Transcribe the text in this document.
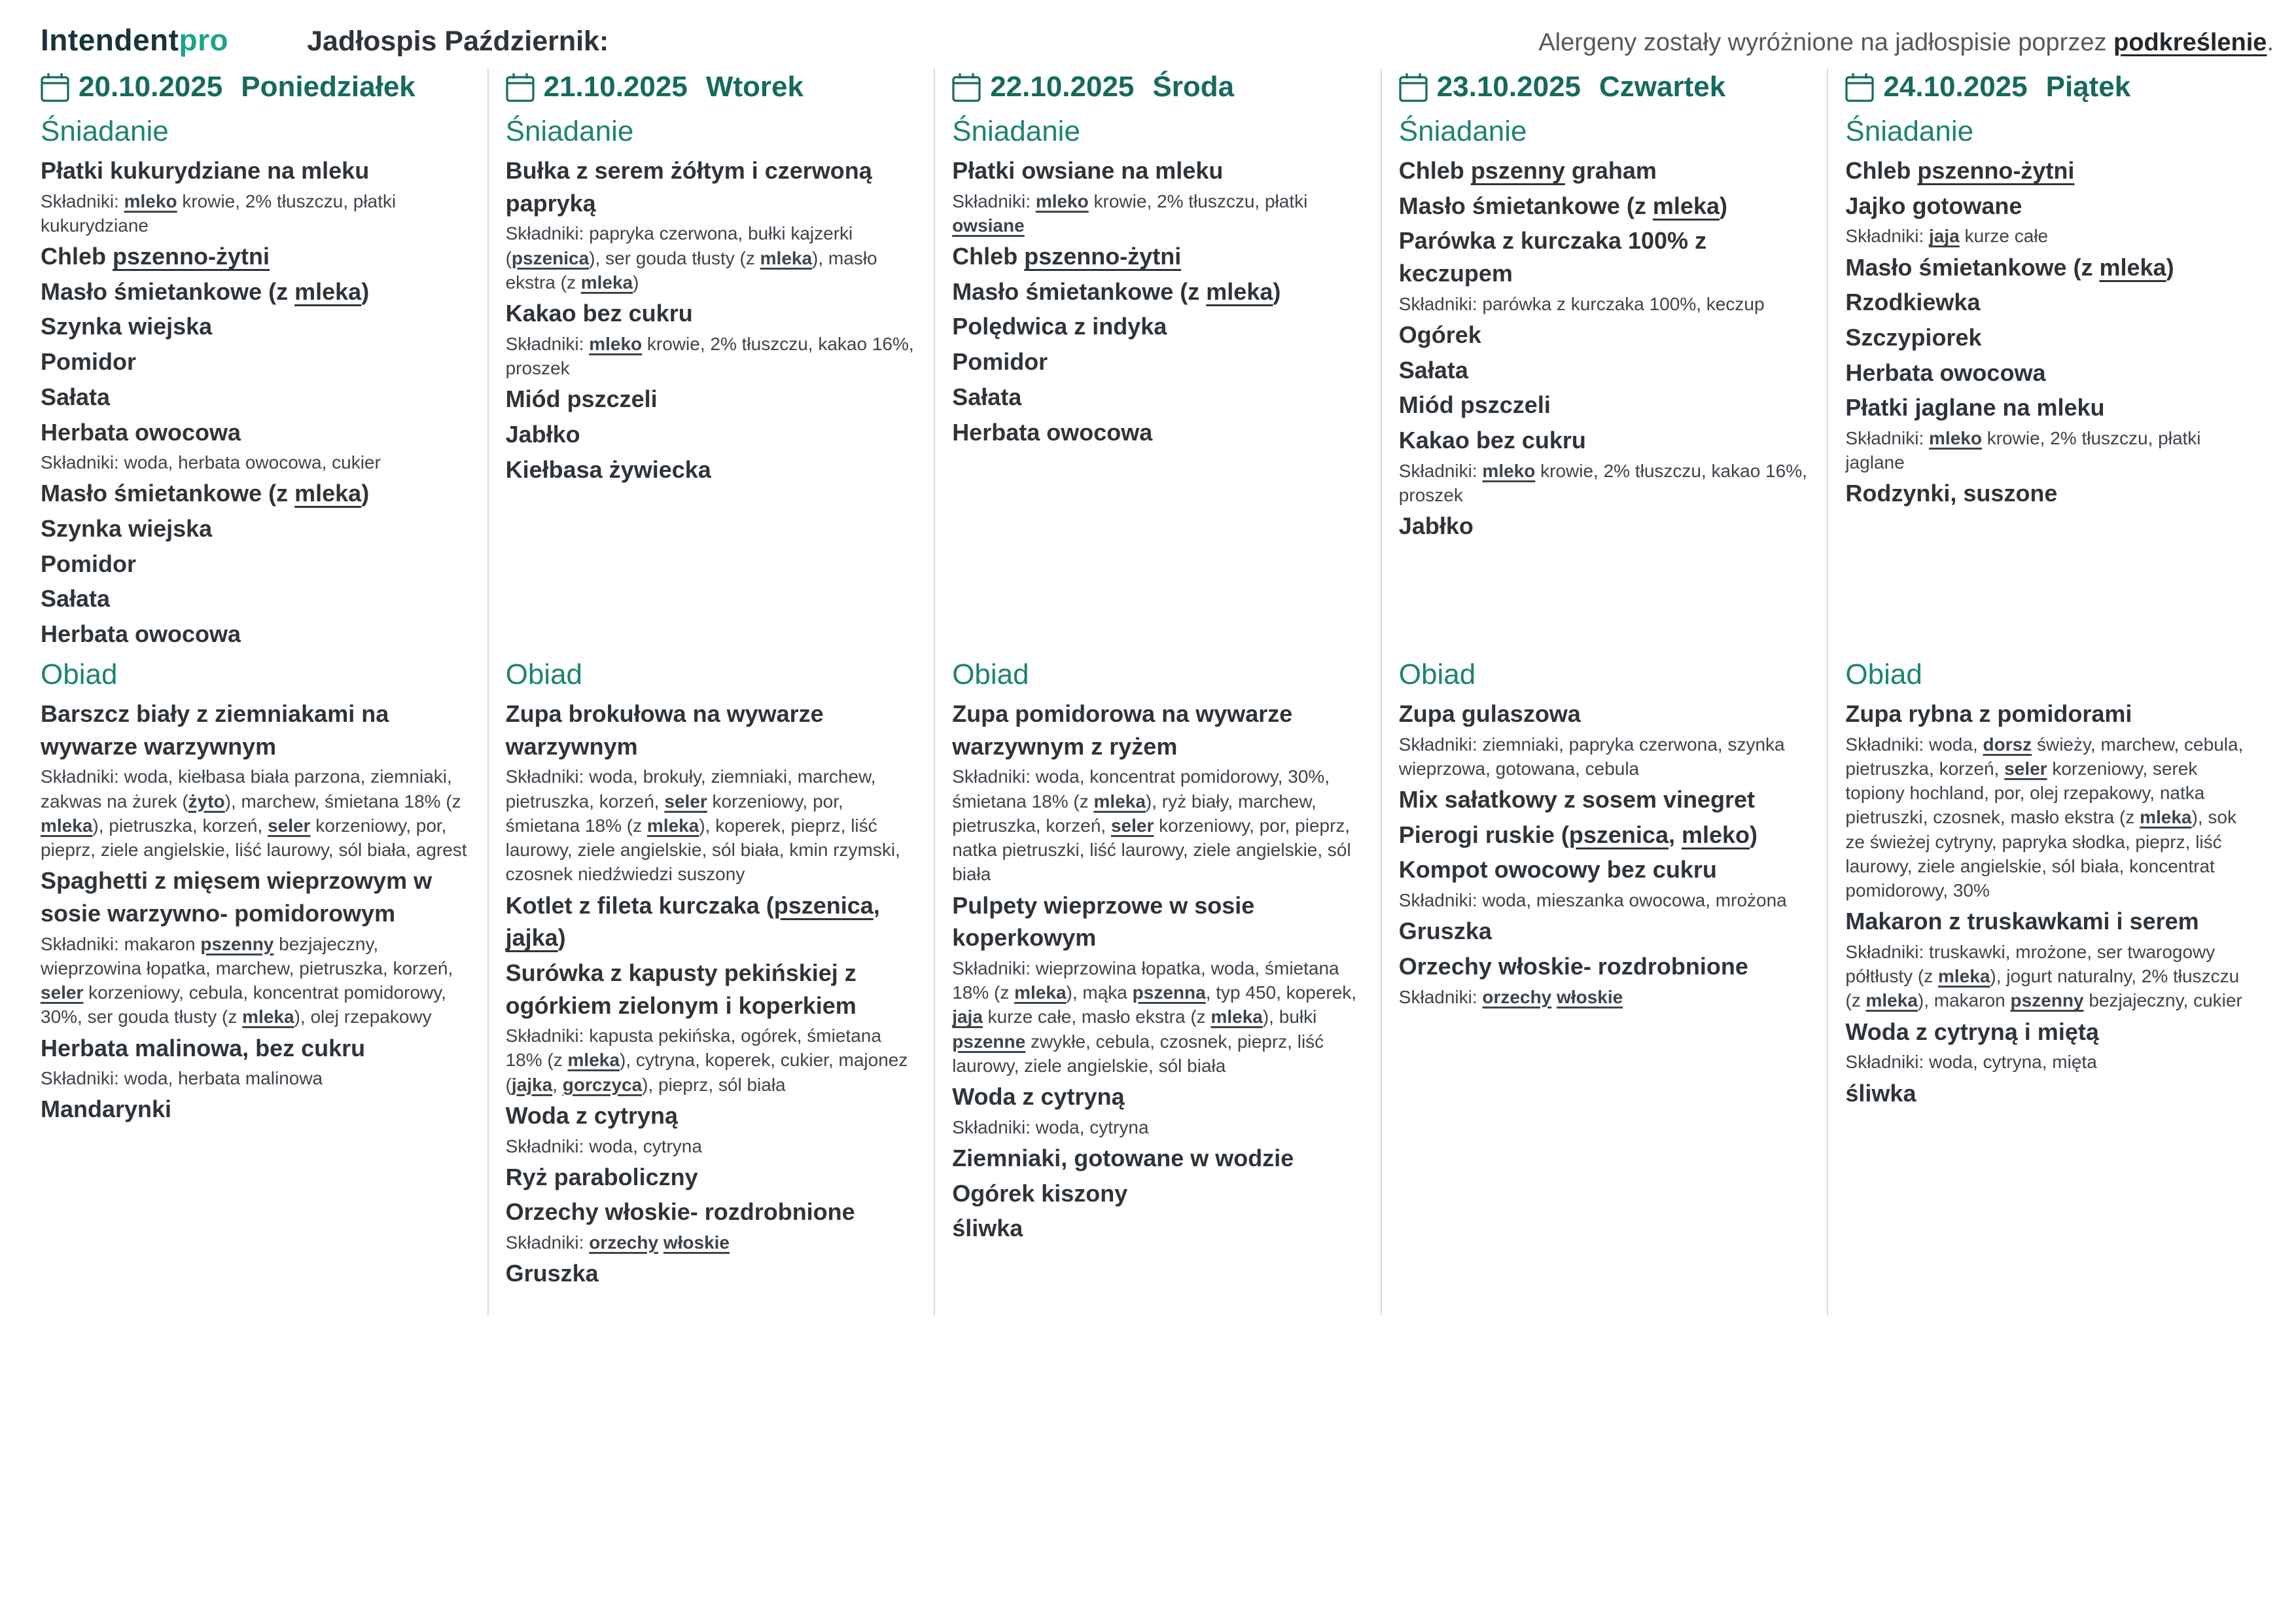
Intendentpro	Jadłospis Październik:	Alergeny zostały wyróżnione na jadłospisie poprzez podkreślenie.
20.10.2025 Poniedziałek
Śniadanie
Płatki kukurydziane na mleku
Składniki: mleko krowie, 2% tłuszczu, płatki kukurydziane
Chleb pszenno-żytni
Masło śmietankowe (z mleka)
Szynka wiejska
Pomidor
Sałata
Herbata owocowa
Składniki: woda, herbata owocowa, cukier
Masło śmietankowe (z mleka)
Szynka wiejska
Pomidor
Sałata
Herbata owocowa
Obiad
Barszcz biały z ziemniakami na wywarze warzywnym
Składniki: woda, kiełbasa biała parzona, ziemniaki, zakwas na żurek (żyto), marchew, śmietana 18% (z mleka), pietruszka, korzeń, seler korzeniowy, por, pieprz, ziele angielskie, liść laurowy, sól biała, agrest
Spaghetti z mięsem wieprzowym w sosie warzywno- pomidorowym
Składniki: makaron pszenny bezjajeczny, wieprzowina łopatka, marchew, pietruszka, korzeń, seler korzeniowy, cebula, koncentrat pomidorowy, 30%, ser gouda tłusty (z mleka), olej rzepakowy
Herbata malinowa, bez cukru
Składniki: woda, herbata malinowa
Mandarynki
21.10.2025 Wtorek
Śniadanie
Bułka z serem żółtym i czerwoną papryką
Składniki: papryka czerwona, bułki kajzerki (pszenica), ser gouda tłusty (z mleka), masło ekstra (z mleka)
Kakao bez cukru
Składniki: mleko krowie, 2% tłuszczu, kakao 16%, proszek
Miód pszczeli
Jabłko
Kiełbasa żywiecka
Obiad
Zupa brokułowa na wywarze warzywnym
Składniki: woda, brokuły, ziemniaki, marchew, pietruszka, korzeń, seler korzeniowy, por, śmietana 18% (z mleka), koperek, pieprz, liść laurowy, ziele angielskie, sól biała, kmin rzymski, czosnek niedźwiedzi suszony
Kotlet z fileta kurczaka (pszenica, jajka)
Surówka z kapusty pekińskiej z ogórkiem zielonym i koperkiem
Składniki: kapusta pekińska, ogórek, śmietana 18% (z mleka), cytryna, koperek, cukier, majonez (jajka, gorczyca), pieprz, sól biała
Woda z cytryną
Składniki: woda, cytryna
Ryż paraboliczny
Orzechy włoskie- rozdrobnione
Składniki: orzechy włoskie
Gruszka
22.10.2025 Środa
Śniadanie
Płatki owsiane na mleku
Składniki: mleko krowie, 2% tłuszczu, płatki owsiane
Chleb pszenno-żytni
Masło śmietankowe (z mleka)
Polędwica z indyka
Pomidor
Sałata
Herbata owocowa
Obiad
Zupa pomidorowa na wywarze warzywnym z ryżem
Składniki: woda, koncentrat pomidorowy, 30%, śmietana 18% (z mleka), ryż biały, marchew, pietruszka, korzeń, seler korzeniowy, por, pieprz, natka pietruszki, liść laurowy, ziele angielskie, sól biała
Pulpety wieprzowe w sosie koperkowym
Składniki: wieprzowina łopatka, woda, śmietana 18% (z mleka), mąka pszenna, typ 450, koperek, jaja kurze całe, masło ekstra (z mleka), bułki pszenne zwykłe, cebula, czosnek, pieprz, liść laurowy, ziele angielskie, sól biała
Woda z cytryną
Składniki: woda, cytryna
Ziemniaki, gotowane w wodzie
Ogórek kiszony
śliwka
23.10.2025 Czwartek
Śniadanie
Chleb pszenny graham
Masło śmietankowe (z mleka)
Parówka z kurczaka 100% z keczupem
Składniki: parówka z kurczaka 100%, keczup
Ogórek
Sałata
Miód pszczeli
Kakao bez cukru
Składniki: mleko krowie, 2% tłuszczu, kakao 16%, proszek
Jabłko
Obiad
Zupa gulaszowa
Składniki: ziemniaki, papryka czerwona, szynka wieprzowa, gotowana, cebula
Mix sałatkowy z sosem vinegret
Pierogi ruskie (pszenica, mleko)
Kompot owocowy bez cukru
Składniki: woda, mieszanka owocowa, mrożona
Gruszka
Orzechy włoskie- rozdrobnione
Składniki: orzechy włoskie
24.10.2025 Piątek
Śniadanie
Chleb pszenno-żytni
Jajko gotowane
Składniki: jaja kurze całe
Masło śmietankowe (z mleka)
Rzodkiewka
Szczypiorek
Herbata owocowa
Płatki jaglane na mleku
Składniki: mleko krowie, 2% tłuszczu, płatki jaglane
Rodzynki, suszone
Obiad
Zupa rybna z pomidorami
Składniki: woda, dorsz świeży, marchew, cebula, pietruszka, korzeń, seler korzeniowy, serek topiony hochland, por, olej rzepakowy, natka pietruszki, czosnek, masło ekstra (z mleka), sok ze świeżej cytryny, papryka słodka, pieprz, liść laurowy, ziele angielskie, sól biała, koncentrat pomidorowy, 30%
Makaron z truskawkami i serem
Składniki: truskawki, mrożone, ser twarogowy półtłusty (z mleka), jogurt naturalny, 2% tłuszczu (z mleka), makaron pszenny bezjajeczny, cukier
Woda z cytryną i miętą
Składniki: woda, cytryna, mięta
śliwka
